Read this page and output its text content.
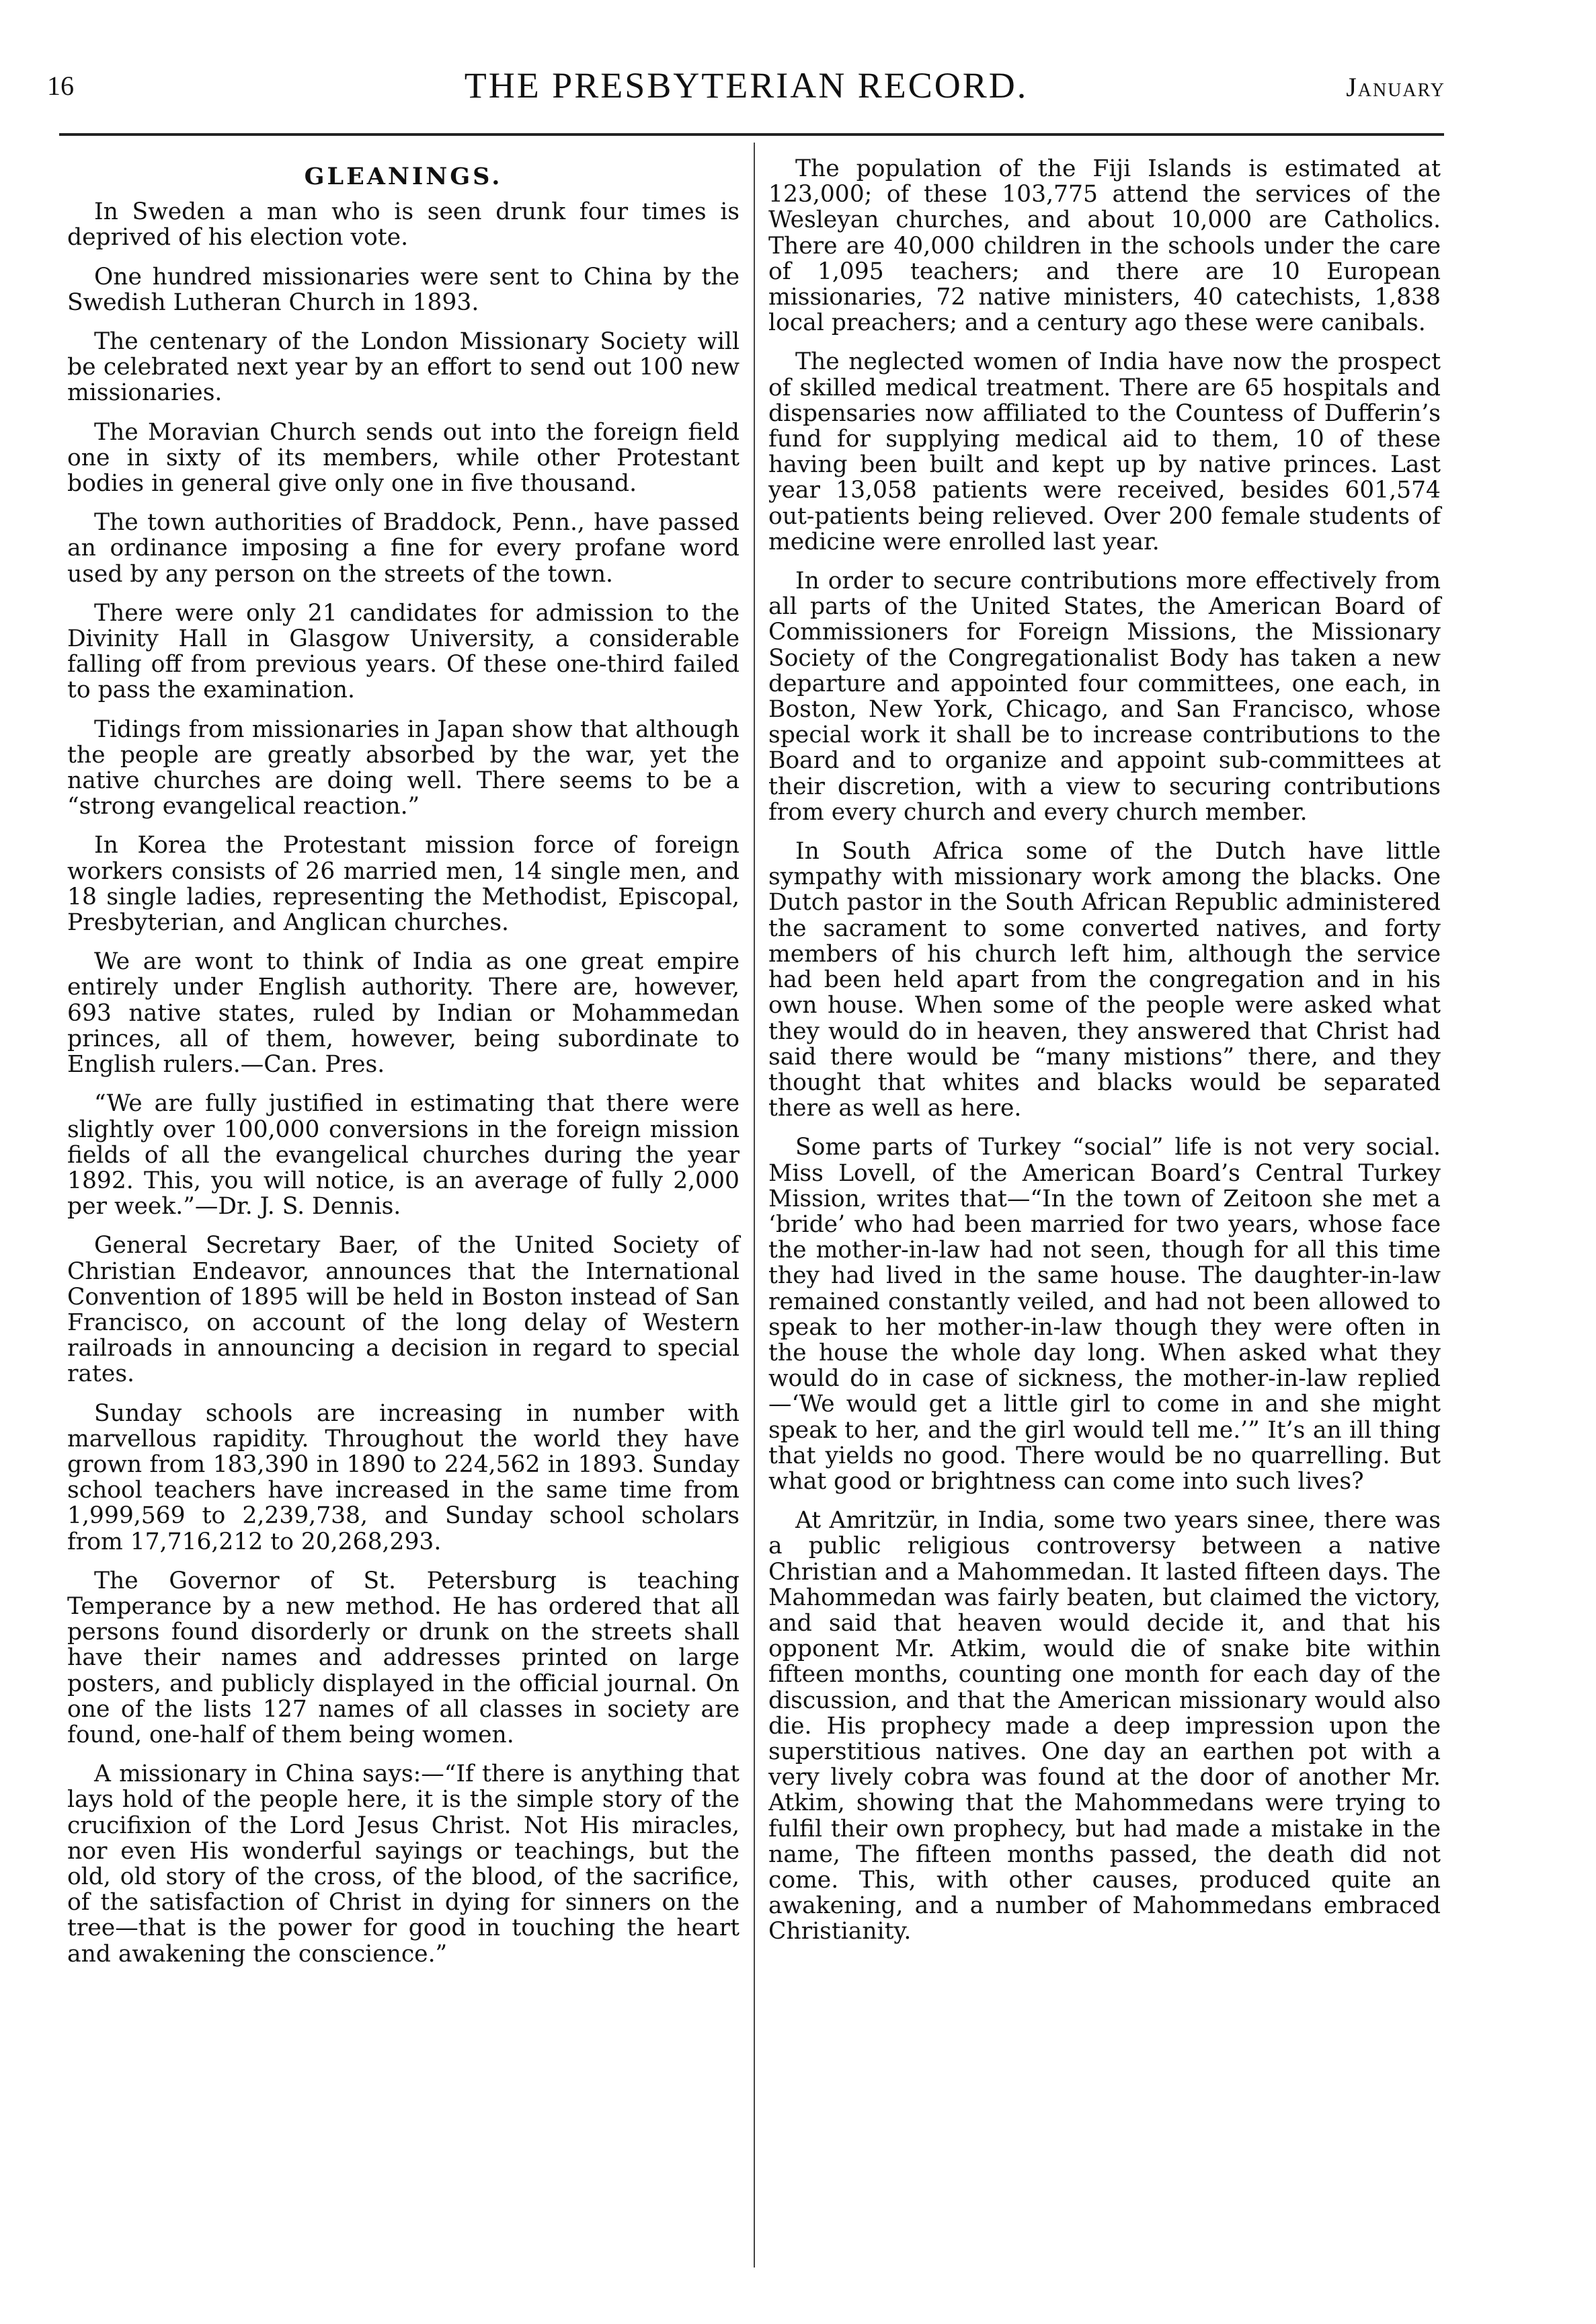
16	THE PRESBYTERIAN RECORD.	January
GLEANINGS.

In Sweden a man who is seen drunk four times is deprived of his election vote.

One hundred missionaries were sent to China by the Swedish Lutheran Church in 1893.

The centenary of the London Missionary Society will be celebrated next year by an effort to send out 100 new missionaries.

The Moravian Church sends out into the foreign field one in sixty of its members, while other Protestant bodies in general give only one in five thousand.

The town authorities of Braddock, Penn., have passed an ordinance imposing a fine for every profane word used by any person on the streets of the town.

There were only 21 candidates for admission to the Divinity Hall in Glasgow University, a considerable falling off from previous years. Of these one-third failed to pass the examination.

Tidings from missionaries in Japan show that although the people are greatly absorbed by the war, yet the native churches are doing well. There seems to be a “strong evangelical reaction.”

In Korea the Protestant mission force of foreign workers consists of 26 married men, 14 single men, and 18 single ladies, representing the Methodist, Episcopal, Presbyterian, and Anglican churches.

We are wont to think of India as one great empire entirely under English authority. There are, however, 693 native states, ruled by Indian or Mohammedan princes, all of them, however, being subordinate to English rulers.—Can. Pres.

“We are fully justified in estimating that there were slightly over 100,000 conversions in the foreign mission fields of all the evangelical churches during the year 1892. This, you will notice, is an average of fully 2,000 per week.”—Dr. J. S. Dennis.

General Secretary Baer, of the United Society of Christian Endeavor, announces that the International Convention of 1895 will be held in Boston instead of San Francisco, on account of the long delay of Western railroads in announcing a decision in regard to special rates.

Sunday schools are increasing in number with marvellous rapidity. Throughout the world they have grown from 183,390 in 1890 to 224,562 in 1893. Sunday school teachers have increased in the same time from 1,999,569 to 2,239,738, and Sunday school scholars from 17,716,212 to 20,268,293.

The Governor of St. Petersburg is teaching Temperance by a new method. He has ordered that all persons found disorderly or drunk on the streets shall have their names and addresses printed on large posters, and publicly displayed in the official journal. On one of the lists 127 names of all classes in society are found, one-half of them being women.

A missionary in China says:—“If there is anything that lays hold of the people here, it is the simple story of the crucifixion of the Lord Jesus Christ. Not His miracles, nor even His wonderful sayings or teachings, but the old, old story of the cross, of the blood, of the sacrifice, of the satisfaction of Christ in dying for sinners on the tree—that is the power for good in touching the heart and awakening the conscience.”

The population of the Fiji Islands is estimated at 123,000; of these 103,775 attend the services of the Wesleyan churches, and about 10,000 are Catholics. There are 40,000 children in the schools under the care of 1,095 teachers; and there are 10 European missionaries, 72 native ministers, 40 catechists, 1,838 local preachers; and a century ago these were canibals.

The neglected women of India have now the prospect of skilled medical treatment. There are 65 hospitals and dispensaries now affiliated to the Countess of Dufferin’s fund for supplying medical aid to them, 10 of these having been built and kept up by native princes. Last year 13,058 patients were received, besides 601,574 out-patients being relieved. Over 200 female students of medicine were enrolled last year.

In order to secure contributions more effectively from all parts of the United States, the American Board of Commissioners for Foreign Missions, the Missionary Society of the Congregationalist Body has taken a new departure and appointed four committees, one each, in Boston, New York, Chicago, and San Francisco, whose special work it shall be to increase contributions to the Board and to organize and appoint sub-committees at their discretion, with a view to securing contributions from every church and every church member.

In South Africa some of the Dutch have little sympathy with missionary work among the blacks. One Dutch pastor in the South African Republic administered the sacrament to some converted natives, and forty members of his church left him, although the service had been held apart from the congregation and in his own house. When some of the people were asked what they would do in heaven, they answered that Christ had said there would be “many mistions” there, and they thought that whites and blacks would be separated there as well as here.

Some parts of Turkey “social” life is not very social. Miss Lovell, of the American Board’s Central Turkey Mission, writes that—“In the town of Zeitoon she met a ‘bride’ who had been married for two years, whose face the mother-in-law had not seen, though for all this time they had lived in the same house. The daughter-in-law remained constantly veiled, and had not been allowed to speak to her mother-in-law though they were often in the house the whole day long. When asked what they would do in case of sickness, the mother-in-law replied—‘We would get a little girl to come in and she might speak to her, and the girl would tell me.’” It’s an ill thing that yields no good. There would be no quarrelling. But what good or brightness can come into such lives?

At Amritzür, in India, some two years sinee, there was a public religious controversy between a native Christian and a Mahommedan. It lasted fifteen days. The Mahommedan was fairly beaten, but claimed the victory, and said that heaven would decide it, and that his opponent Mr. Atkim, would die of snake bite within fifteen months, counting one month for each day of the discussion, and that the American missionary would also die. His prophecy made a deep impression upon the superstitious natives. One day an earthen pot with a very lively cobra was found at the door of another Mr. Atkim, showing that the Mahommedans were trying to fulfil their own prophecy, but had made a mistake in the name, The fifteen months passed, the death did not come. This, with other causes, produced quite an awakening, and a number of Mahommedans embraced Christianity.
